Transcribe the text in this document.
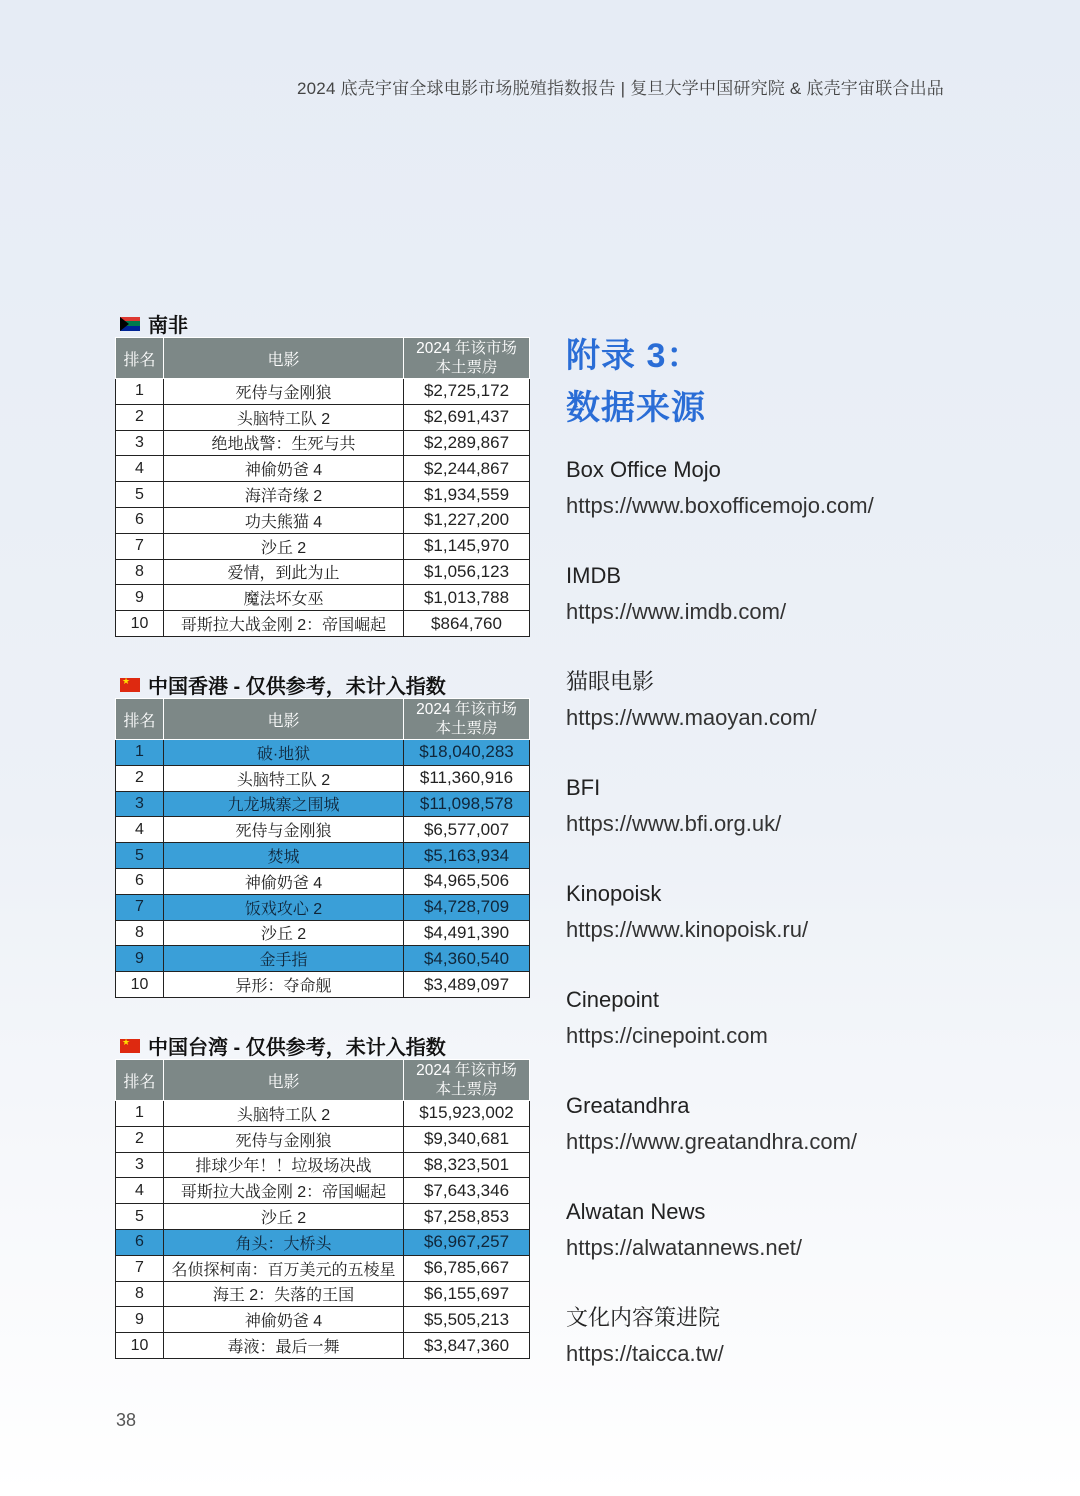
2024 底壳宇宙全球电影市场脱殖指数报告 | 复旦大学中国研究院 & 底壳宇宙联合出品
南非
排名	电影	2024 年该市场
本土票房

1	死侍与金刚狼	$2,725,172
2	头脑特工队 2	$2,691,437
3	绝地战警：生死与共	$2,289,867
4	神偷奶爸 4	$2,244,867
5	海洋奇缘 2	$1,934,559
6	功夫熊猫 4	$1,227,200
7	沙丘 2	$1,145,970
8	爱情，到此为止	$1,056,123
9	魔法坏女巫	$1,013,788
10	哥斯拉大战金刚 2：帝国崛起	$864,760
★
中国香港 - 仅供参考，未计入指数
排名	电影	2024 年该市场
本土票房

1	破·地狱	$18,040,283
2	头脑特工队 2	$11,360,916
3	九龙城寨之围城	$11,098,578
4	死侍与金刚狼	$6,577,007
5	焚城	$5,163,934
6	神偷奶爸 4	$4,965,506
7	饭戏攻心 2	$4,728,709
8	沙丘 2	$4,491,390
9	金手指	$4,360,540
10	异形：夺命舰	$3,489,097
★
中国台湾 - 仅供参考，未计入指数
排名	电影	2024 年该市场
本土票房

1	头脑特工队 2	$15,923,002
2	死侍与金刚狼	$9,340,681
3	排球少年！！垃圾场决战	$8,323,501
4	哥斯拉大战金刚 2：帝国崛起	$7,643,346
5	沙丘 2	$7,258,853
6	角头：大桥头	$6,967,257
7	名侦探柯南：百万美元的五棱星	$6,785,667
8	海王 2：失落的王国	$6,155,697
9	神偷奶爸 4	$5,505,213
10	毒液：最后一舞	$3,847,360
附录 3：
数据来源
Box Office Mojo
https://www.boxofficemojo.com/
IMDB
https://www.imdb.com/
猫眼电影
https://www.maoyan.com/
BFI
https://www.bfi.org.uk/
Kinopoisk
https://www.kinopoisk.ru/
Cinepoint
https://cinepoint.com
Greatandhra
https://www.greatandhra.com/
Alwatan News
https://alwatannews.net/
文化内容策进院
https://taicca.tw/
38
